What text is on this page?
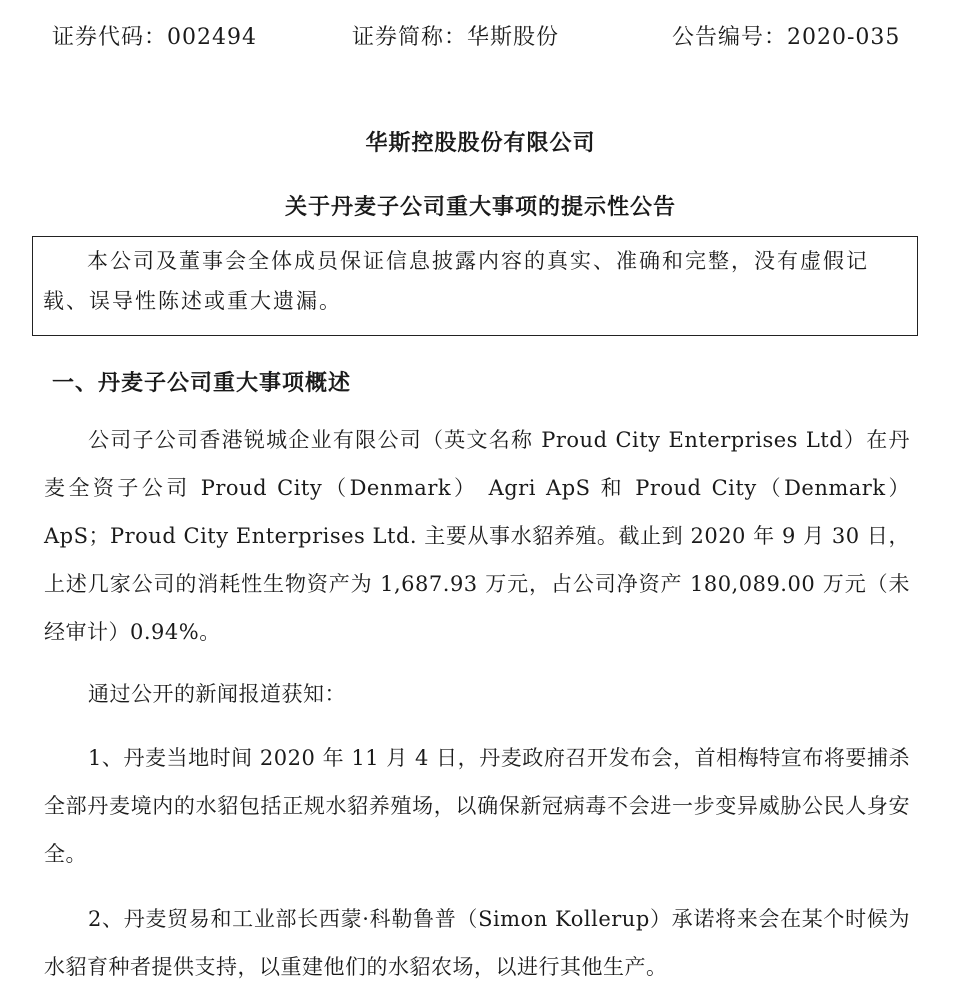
证券代码：002494	证券简称：华斯股份	公告编号：2020-035
华斯控股股份有限公司
关于丹麦子公司重大事项的提示性公告
本公司及董事会全体成员保证信息披露内容的真实、准确和完整，没有虚假记载、误导性陈述或重大遗漏。
一、丹麦子公司重大事项概述

公司子公司香港锐城企业有限公司（英文名称 Proud City Enterprises Ltd）在丹麦全资子公司 Proud City（Denmark） Agri ApS 和 Proud City（Denmark） ApS；Proud City Enterprises Ltd. 主要从事水貂养殖。截止到 2020 年 9 月 30 日，上述几家公司的消耗性生物资产为 1,687.93 万元，占公司净资产 180,089.00 万元（未经审计）0.94%。

通过公开的新闻报道获知：

1、丹麦当地时间 2020 年 11 月 4 日，丹麦政府召开发布会，首相梅特宣布将要捕杀全部丹麦境内的水貂包括正规水貂养殖场，以确保新冠病毒不会进一步变异威胁公民人身安全。

2、丹麦贸易和工业部长西蒙·科勒鲁普（Simon Kollerup）承诺将来会在某个时候为水貂育种者提供支持，以重建他们的水貂农场，以进行其他生产。
